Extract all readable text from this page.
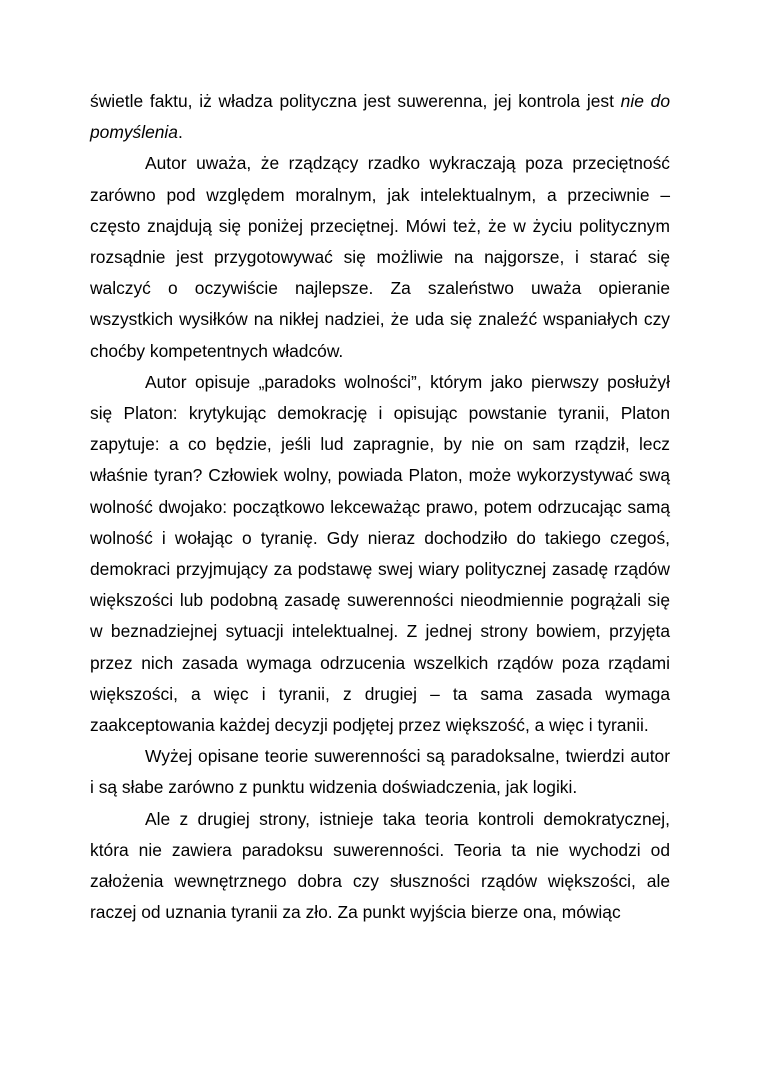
świetle faktu, iż władza polityczna jest suwerenna, jej kontrola jest nie do pomyślenia.

Autor uważa, że rządzący rzadko wykraczają poza przeciętność zarówno pod względem moralnym, jak intelektualnym, a przeciwnie – często znajdują się poniżej przeciętnej. Mówi też, że w życiu politycznym rozsądnie jest przygotowywać się możliwie na najgorsze, i starać się walczyć o oczywiście najlepsze. Za szaleństwo uważa opieranie wszystkich wysiłków na nikłej nadziei, że uda się znaleźć wspaniałych czy choćby kompetentnych władców.

Autor opisuje „paradoks wolności”, którym jako pierwszy posłużył się Platon: krytykując demokrację i opisując powstanie tyranii, Platon zapytuje: a co będzie, jeśli lud zapragnie, by nie on sam rządził, lecz właśnie tyran? Człowiek wolny, powiada Platon, może wykorzystywać swą wolność dwojako: początkowo lekceważąc prawo, potem odrzucając samą wolność i wołając o tyranię. Gdy nieraz dochodziło do takiego czegoś, demokraci przyjmujący za podstawę swej wiary politycznej zasadę rządów większości lub podobną zasadę suwerenności nieodmiennie pogrążali się w beznadziejnej sytuacji intelektualnej. Z jednej strony bowiem, przyjęta przez nich zasada wymaga odrzucenia wszelkich rządów poza rządami większości, a więc i tyranii, z drugiej – ta sama zasada wymaga zaakceptowania każdej decyzji podjętej przez większość, a więc i tyranii.

Wyżej opisane teorie suwerenności są paradoksalne, twierdzi autor i są słabe zarówno z punktu widzenia doświadczenia, jak logiki.

Ale z drugiej strony, istnieje taka teoria kontroli demokratycznej, która nie zawiera paradoksu suwerenności. Teoria ta nie wychodzi od założenia wewnętrznego dobra czy słuszności rządów większości, ale raczej od uznania tyranii za zło. Za punkt wyjścia bierze ona, mówiąc
